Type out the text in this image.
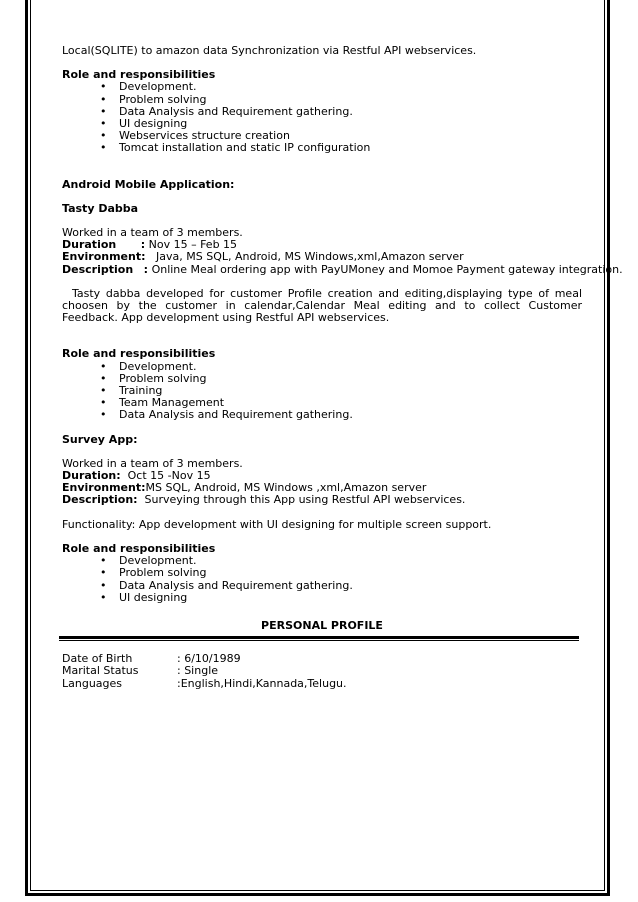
Local(SQLITE) to amazon data Synchronization via Restful API webservices.
Role and responsibilities
• Development.
• Problem solving
• Data Analysis and Requirement gathering.
• UI designing
• Webservices structure creation
• Tomcat installation and static IP configuration
Android Mobile Application:
Tasty Dabba
Worked in a team of 3 members.
Duration : Nov 15 – Feb 15
Environment: Java, MS SQL, Android, MS Windows,xml,Amazon server
Description : Online Meal ordering app with PayUMoney and Momoe Payment gateway integration.
Tasty dabba developed for customer Profile creation and editing,displaying type of meal choosen by the customer in calendar,Calendar Meal editing and to collect Customer Feedback. App development using Restful API webservices.
Role and responsibilities
• Development.
• Problem solving
• Training
• Team Management
• Data Analysis and Requirement gathering.
Survey App:
Worked in a team of 3 members.
Duration: Oct 15 -Nov 15
Environment:MS SQL, Android, MS Windows ,xml,Amazon server
Description: Surveying through this App using Restful API webservices.
Functionality: App development with UI designing for multiple screen support.
Role and responsibilities
• Development.
• Problem solving
• Data Analysis and Requirement gathering.
• UI designing
PERSONAL PROFILE
Date of Birth	: 6/10/1989
Marital Status	: Single
Languages	:English,Hindi,Kannada,Telugu.
